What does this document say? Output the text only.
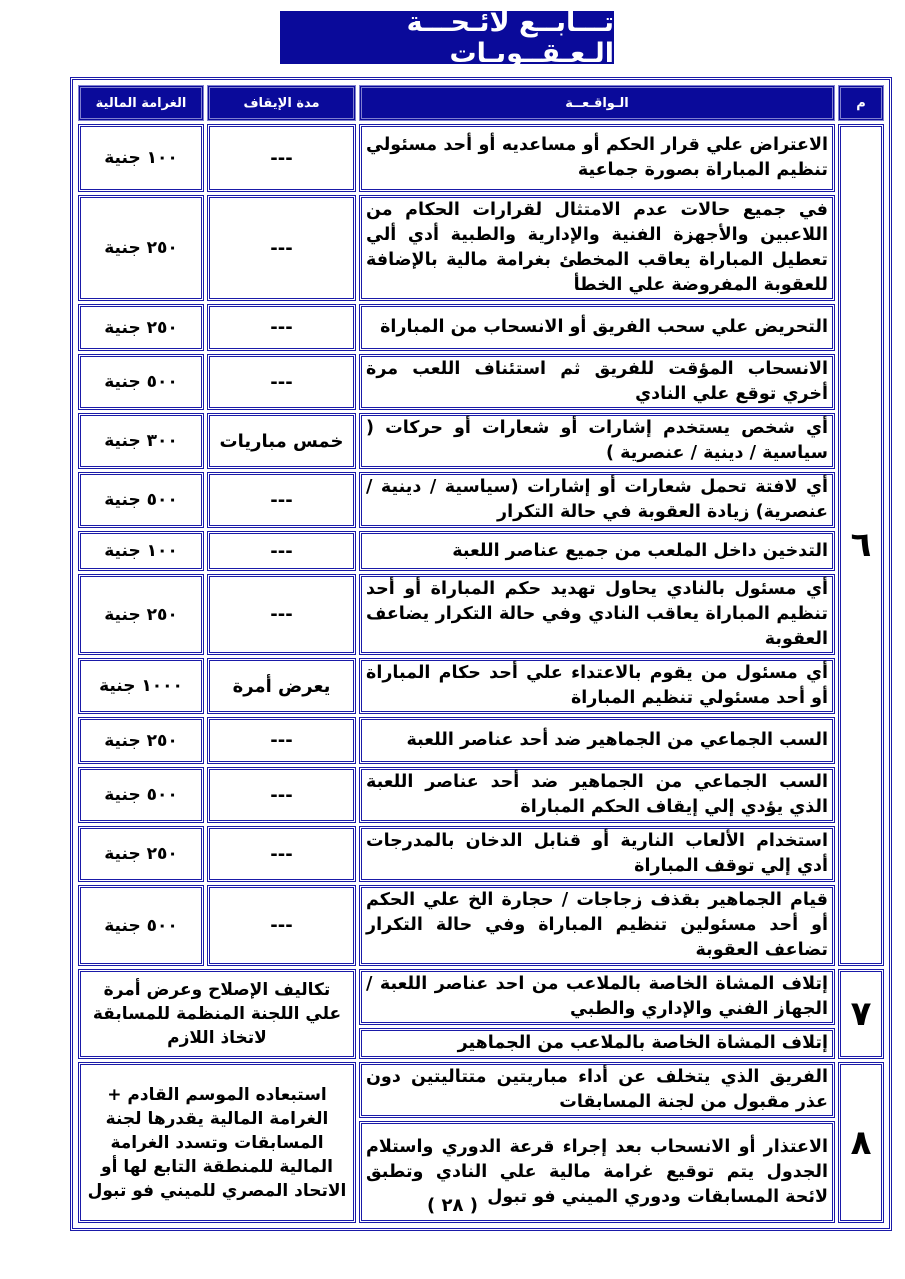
تـــابــع لائـحـــة الـعـقــوبـات
م	الـواقـعــة	مدة الإيقاف	الغرامة المالية
٦	الاعتراض علي قرار الحكم أو مساعديه أو أحد مسئولي تنظيم المباراة بصورة جماعية	---	١٠٠ جنية
	في جميع حالات عدم الامتثال لقرارات الحكام من اللاعبين والأجهزة الفنية والإدارية والطبية أدي ألي تعطيل المباراة يعاقب المخطئ بغرامة مالية بالإضافة للعقوبة المفروضة علي الخطأ	---	٢٥٠ جنية
	التحريض علي سحب الفريق أو الانسحاب من المباراة	---	٢٥٠ جنية
	الانسحاب المؤقت للفريق ثم استئناف اللعب مرة أخري توقع علي النادي	---	٥٠٠ جنية
	أي شخص يستخدم إشارات أو شعارات أو حركات ( سياسية / دينية / عنصرية )	خمس مباريات	٣٠٠ جنية
	أي لافتة تحمل شعارات أو إشارات (سياسية / دينية /عنصرية) زيادة العقوبة في حالة التكرار	---	٥٠٠ جنية
	التدخين داخل الملعب من جميع عناصر اللعبة	---	١٠٠ جنية
	أي مسئول بالنادي يحاول تهديد حكم المباراة أو أحد تنظيم المباراة يعاقب النادي وفي حالة التكرار يضاعف العقوبة	---	٢٥٠ جنية
	أي مسئول من يقوم بالاعتداء علي أحد حكام المباراة أو أحد مسئولي تنظيم المباراة	يعرض أمرة	١٠٠٠ جنية
	السب الجماعي من الجماهير ضد أحد عناصر اللعبة	---	٢٥٠ جنية
	السب الجماعي من الجماهير ضد أحد عناصر اللعبة الذي يؤدي إلي إيقاف الحكم المباراة	---	٥٠٠ جنية
	استخدام الألعاب النارية أو قنابل الدخان بالمدرجات أدي إلي توقف المباراة	---	٢٥٠ جنية
	قيام الجماهير بقذف زجاجات / حجارة الخ علي الحكم أو أحد مسئولين تنظيم المباراة وفي حالة التكرار تضاعف العقوبة	---	٥٠٠ جنية
٧	إتلاف المشاة الخاصة بالملاعب من احد عناصر اللعبة / الجهاز الفني والإداري والطبي	تكاليف الإصلاح وعرض أمرة علي اللجنة المنظمة للمسابقة لاتخاذ اللازم	
	إتلاف المشاة الخاصة بالملاعب من الجماهير		
٨	الفريق الذي يتخلف عن أداء مباريتين متتاليتين دون عذر مقبول من لجنة المسابقات	استبعاده الموسم القادم + الغرامة المالية يقدرها لجنة المسابقات وتسدد الغرامة المالية للمنطقة التابع لها أو الاتحاد المصري للميني فو تبول	
	الاعتذار أو الانسحاب بعد إجراء قرعة الدوري واستلام الجدول يتم توقيع غرامة مالية علي النادي وتطبق لائحة المسابقات ودوري الميني فو تبول		
( ٢٨ )
